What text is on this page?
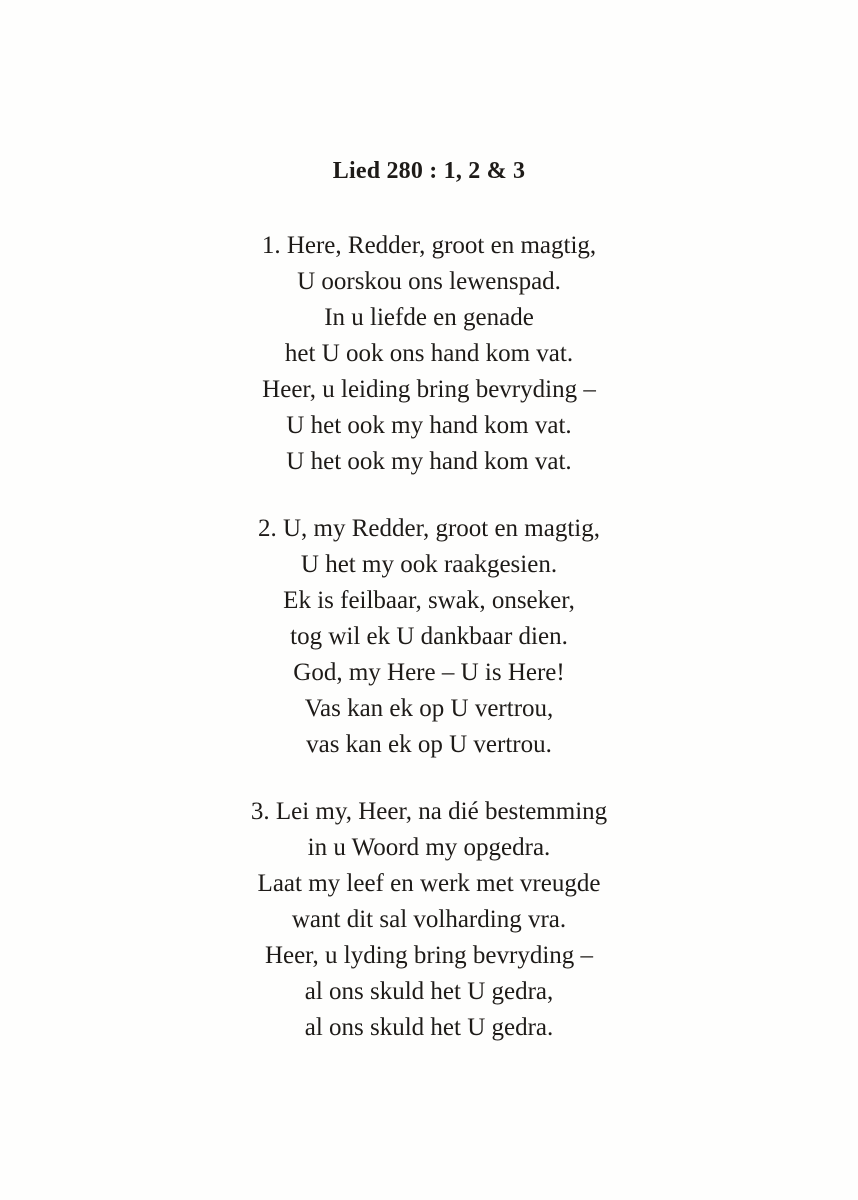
Lied 280 : 1, 2 & 3
1. Here, Redder, groot en magtig,
U oorskou ons lewenspad.
In u liefde en genade
het U ook ons hand kom vat.
Heer, u leiding bring bevryding –
U het ook my hand kom vat.
U het ook my hand kom vat.
2. U, my Redder, groot en magtig,
U het my ook raakgesien.
Ek is feilbaar, swak, onseker,
tog wil ek U dankbaar dien.
God, my Here – U is Here!
Vas kan ek op U vertrou,
vas kan ek op U vertrou.
3. Lei my, Heer, na dié bestemming
in u Woord my opgedra.
Laat my leef en werk met vreugde
want dit sal volharding vra.
Heer, u lyding bring bevryding –
al ons skuld het U gedra,
al ons skuld het U gedra.
